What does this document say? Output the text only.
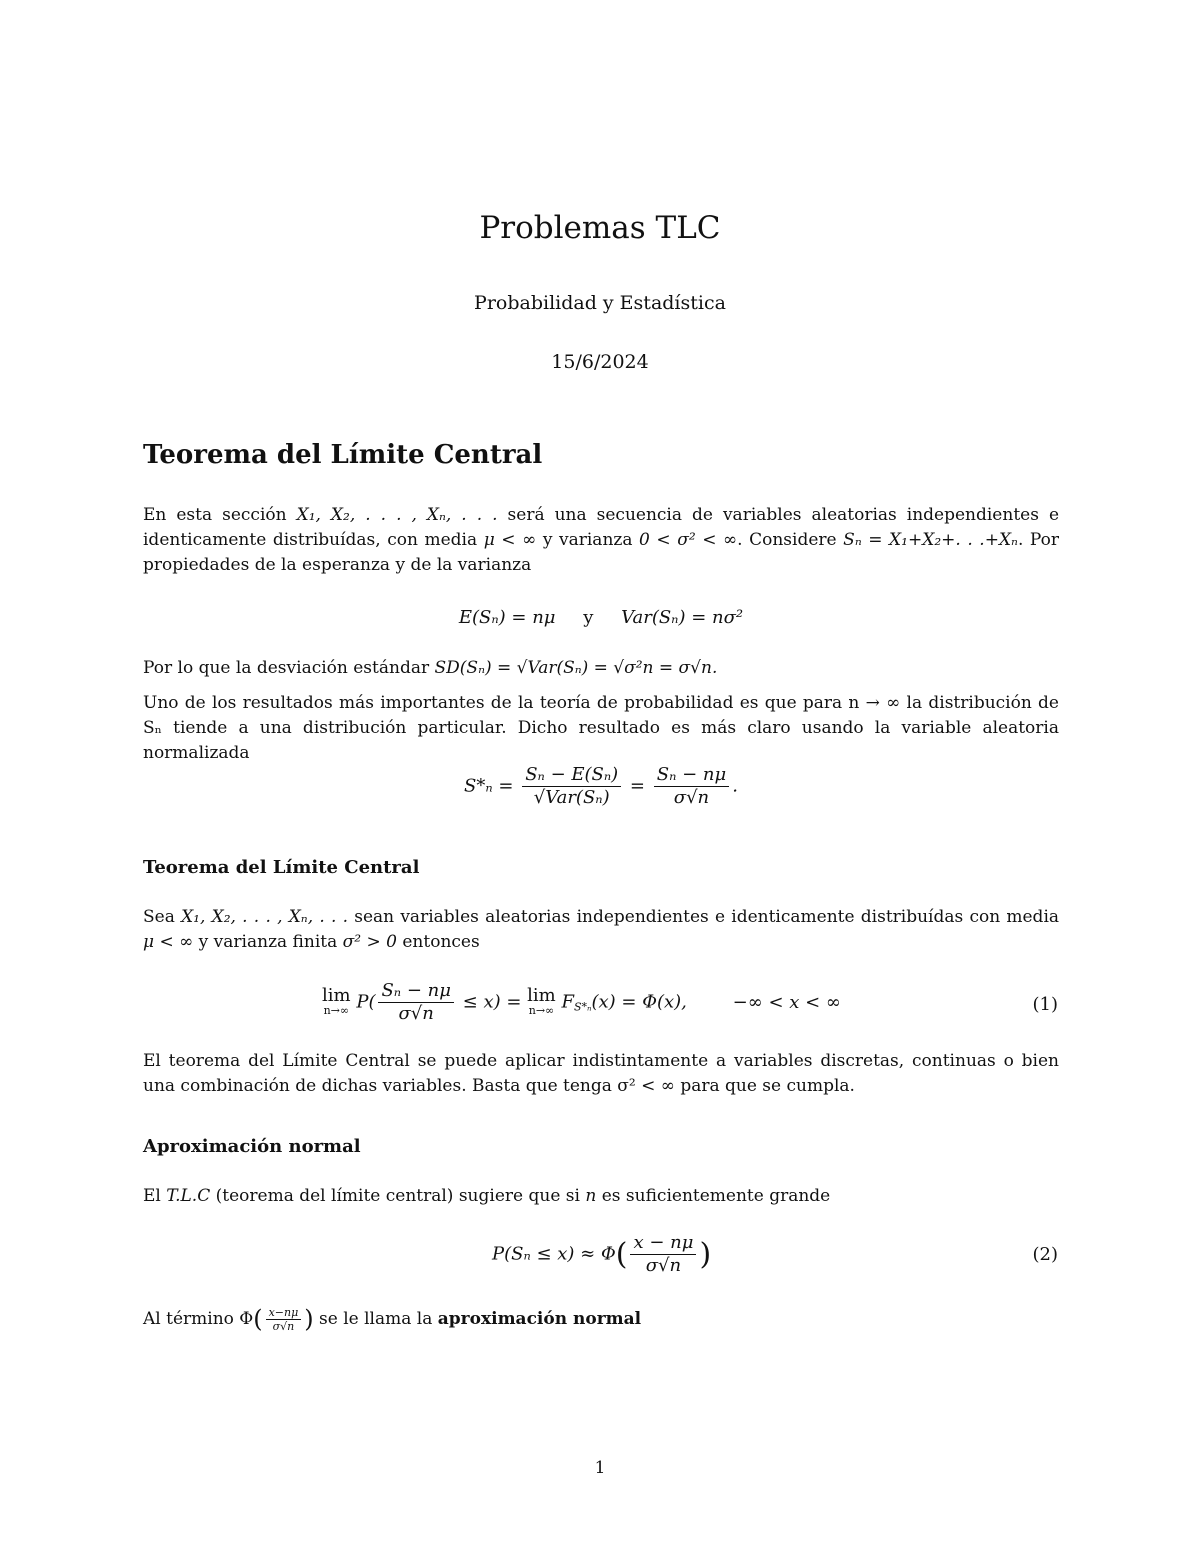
Problemas TLC
Probabilidad y Estadística
15/6/2024
Teorema del Límite Central

En esta sección X₁, X₂, . . . , Xₙ, . . . será una secuencia de variables aleatorias independientes e identicamente distribuídas, con media μ < ∞ y varianza 0 < σ² < ∞. Considere Sₙ = X₁+X₂+. . .+Xₙ. Por propiedades de la esperanza y de la varianza

E(Sₙ) = nμ y Var(Sₙ) = nσ²

Por lo que la desviación estándar SD(Sₙ) = √Var(Sₙ) = √σ²n = σ√n.

Uno de los resultados más importantes de la teoría de probabilidad es que para n → ∞ la distribución de Sₙ tiende a una distribución particular. Dicho resultado es más claro usando la variable aleatoria normalizada

$S*_n = \frac{\text{Sₙ − E(Sₙ)}}{\text{√Var(Sₙ)}} = \frac{\text{Sₙ − nμ}}{\sigma√n}$ .
Teorema del Límite Central

Sea X₁, X₂, . . . , Xₙ, . . . sean variables aleatorias independientes e identicamente distribuídas con media μ < ∞ y varianza finita σ² > 0 entonces

lim
n→∞ $P( \frac{\text{Sₙ − nμ}}{\sigma√n} \le x) = \lim$
n→∞ $F_{S*_n}(x) = \Phi(x)$,	−∞ < x < ∞	(1)

El teorema del Límite Central se puede aplicar indistintamente a variables discretas, continuas o bien una combinación de dichas variables. Basta que tenga σ² < ∞ para que se cumpla.

Aproximación normal

El T.L.C (teorema del límite central) sugiere que si n es suficientemente grande

$P(S_n \le x) \approx \Phi( \frac{x - n\mu}{\sigma√n}$ )	(2)

Al término $\Phi( \frac{x-n\mu}{\sigma√n}$ ) se le llama la aproximación normal

1
